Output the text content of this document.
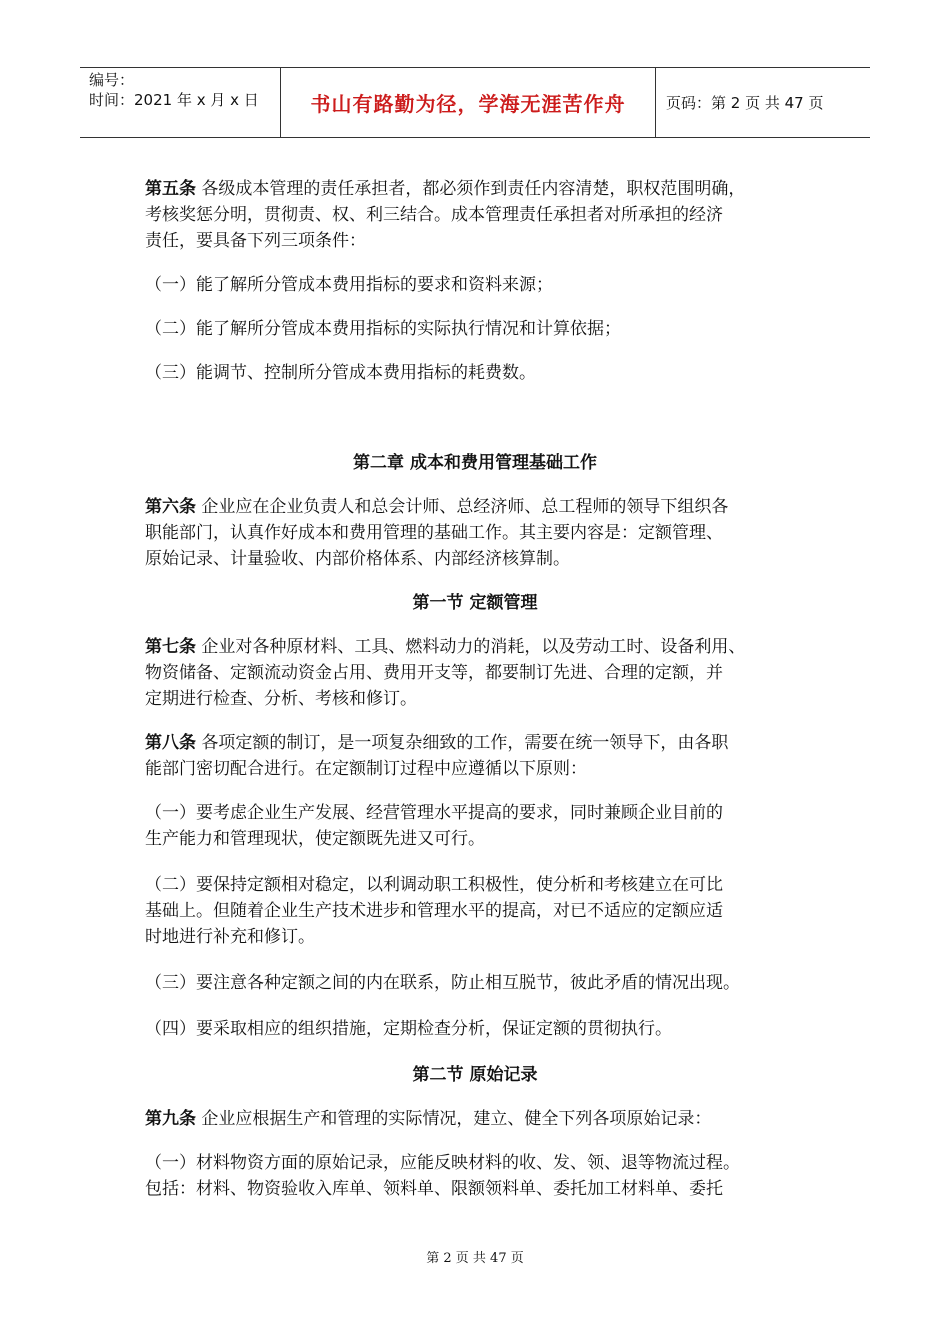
编号：
时间：2021 年 x 月 x 日	书山有路勤为径，学海无涯苦作舟	页码：第 2 页 共 47 页
第五条 各级成本管理的责任承担者，都必须作到责任内容清楚，职权范围明确，
考核奖惩分明，贯彻责、权、利三结合。成本管理责任承担者对所承担的经济
责任，要具备下列三项条件：
（一）能了解所分管成本费用指标的要求和资料来源；
（二）能了解所分管成本费用指标的实际执行情况和计算依据；
（三）能调节、控制所分管成本费用指标的耗费数。
第二章 成本和费用管理基础工作
第六条 企业应在企业负责人和总会计师、总经济师、总工程师的领导下组织各
职能部门，认真作好成本和费用管理的基础工作。其主要内容是：定额管理、
原始记录、计量验收、内部价格体系、内部经济核算制。
第一节 定额管理
第七条 企业对各种原材料、工具、燃料动力的消耗，以及劳动工时、设备利用、
物资储备、定额流动资金占用、费用开支等，都要制订先进、合理的定额，并
定期进行检查、分析、考核和修订。
第八条 各项定额的制订，是一项复杂细致的工作，需要在统一领导下，由各职
能部门密切配合进行。在定额制订过程中应遵循以下原则：
（一）要考虑企业生产发展、经营管理水平提高的要求，同时兼顾企业目前的
生产能力和管理现状，使定额既先进又可行。
（二）要保持定额相对稳定，以利调动职工积极性，使分析和考核建立在可比
基础上。但随着企业生产技术进步和管理水平的提高，对已不适应的定额应适
时地进行补充和修订。
（三）要注意各种定额之间的内在联系，防止相互脱节，彼此矛盾的情况出现。
（四）要采取相应的组织措施，定期检查分析，保证定额的贯彻执行。
第二节 原始记录
第九条 企业应根据生产和管理的实际情况，建立、健全下列各项原始记录：
（一）材料物资方面的原始记录，应能反映材料的收、发、领、退等物流过程。
包括：材料、物资验收入库单、领料单、限额领料单、委托加工材料单、委托
第 2 页 共 47 页
